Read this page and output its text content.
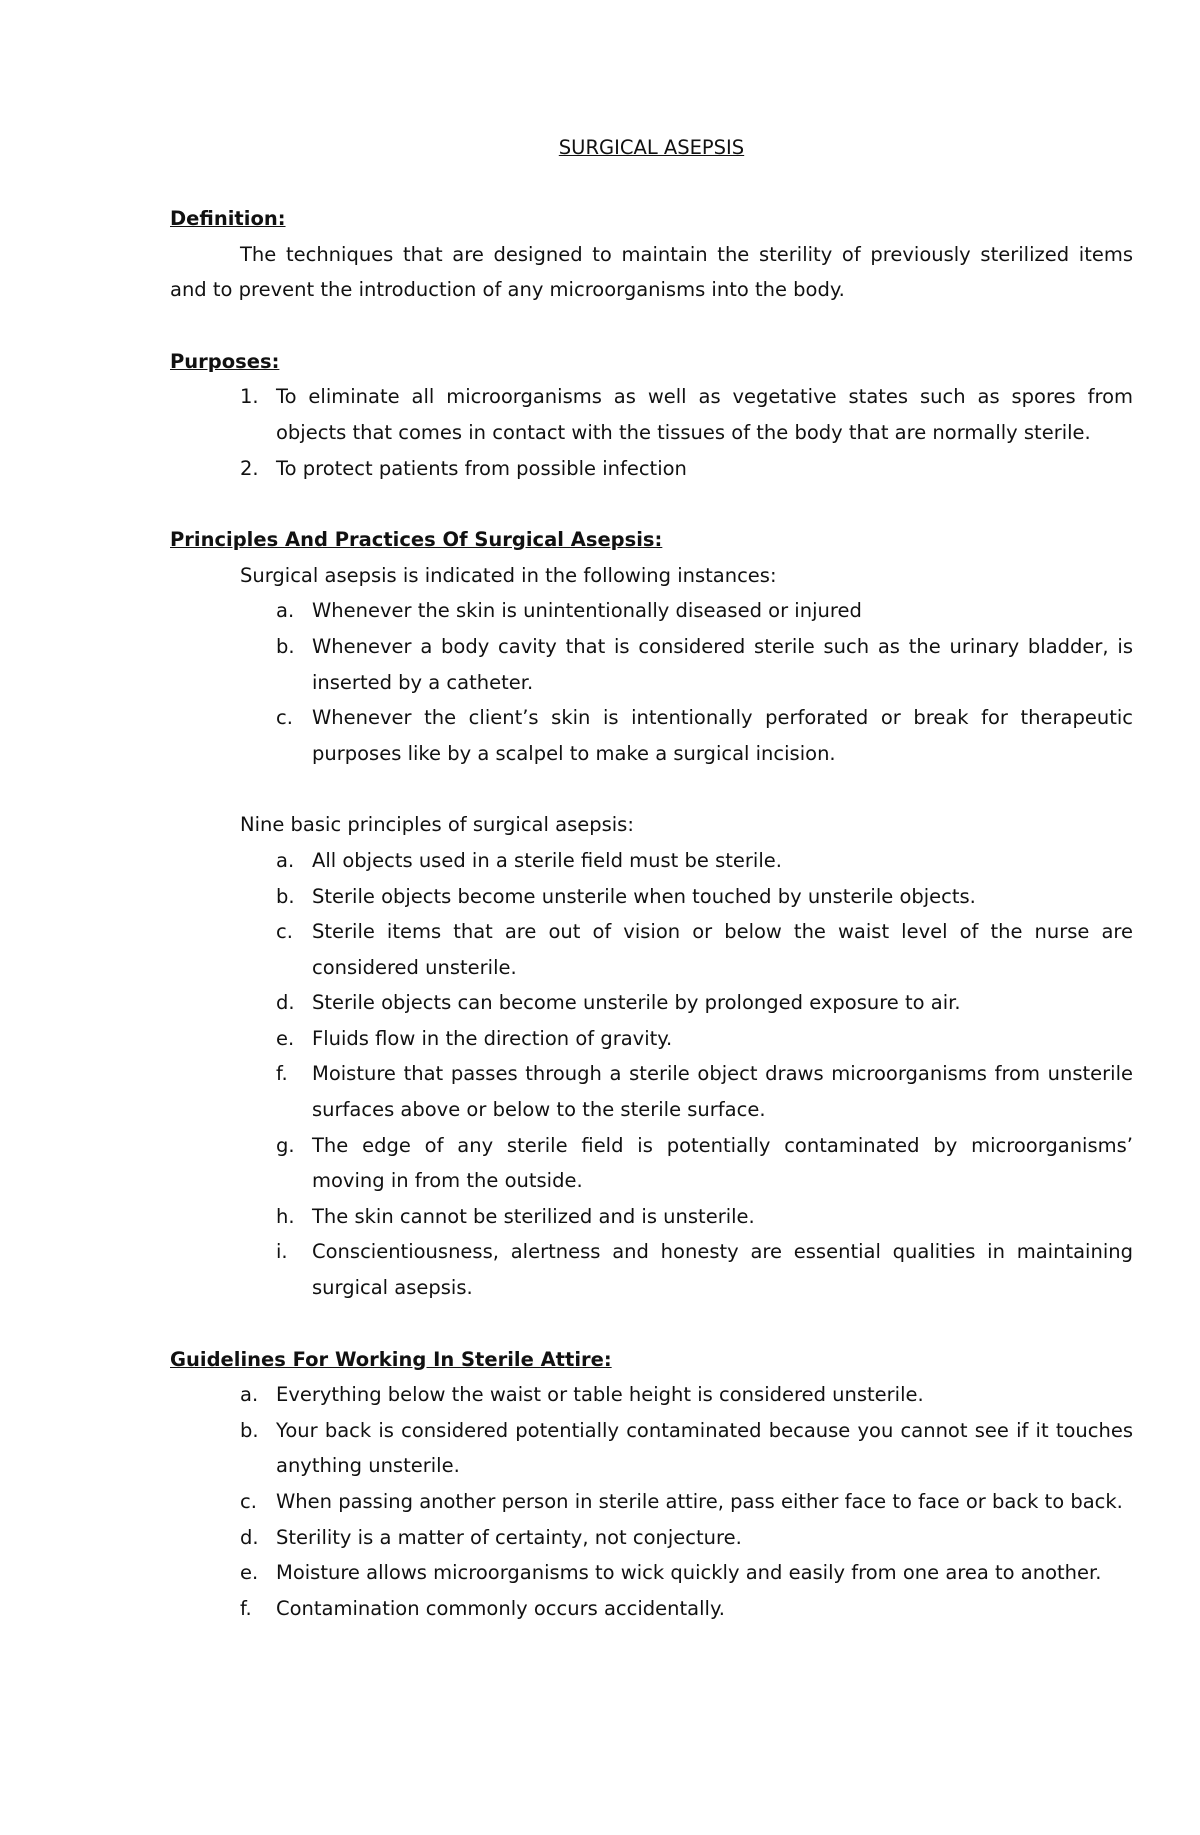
SURGICAL ASEPSIS
Definition:

The techniques that are designed to maintain the sterility of previously sterilized items and to prevent the introduction of any microorganisms into the body.

Purposes:
1. To eliminate all microorganisms as well as vegetative states such as spores from objects that comes in contact with the tissues of the body that are normally sterile.
2. To protect patients from possible infection
Principles And Practices Of Surgical Asepsis:

Surgical asepsis is indicated in the following instances:

a. Whenever the skin is unintentionally diseased or injured
b. Whenever a body cavity that is considered sterile such as the urinary bladder, is inserted by a catheter.
c. Whenever the client’s skin is intentionally perforated or break for therapeutic purposes like by a scalpel to make a surgical incision.

Nine basic principles of surgical asepsis:

a. All objects used in a sterile field must be sterile.
b. Sterile objects become unsterile when touched by unsterile objects.
c. Sterile items that are out of vision or below the waist level of the nurse are considered unsterile.
d. Sterile objects can become unsterile by prolonged exposure to air.
e. Fluids flow in the direction of gravity.
f. Moisture that passes through a sterile object draws microorganisms from unsterile surfaces above or below to the sterile surface.
g. The edge of any sterile field is potentially contaminated by microorganisms’ moving in from the outside.
h. The skin cannot be sterilized and is unsterile.
i. Conscientiousness, alertness and honesty are essential qualities in maintaining surgical asepsis.
Guidelines For Working In Sterile Attire:
a. Everything below the waist or table height is considered unsterile.
b. Your back is considered potentially contaminated because you cannot see if it touches anything unsterile.
c. When passing another person in sterile attire, pass either face to face or back to back.
d. Sterility is a matter of certainty, not conjecture.
e. Moisture allows microorganisms to wick quickly and easily from one area to another.
f. Contamination commonly occurs accidentally.
